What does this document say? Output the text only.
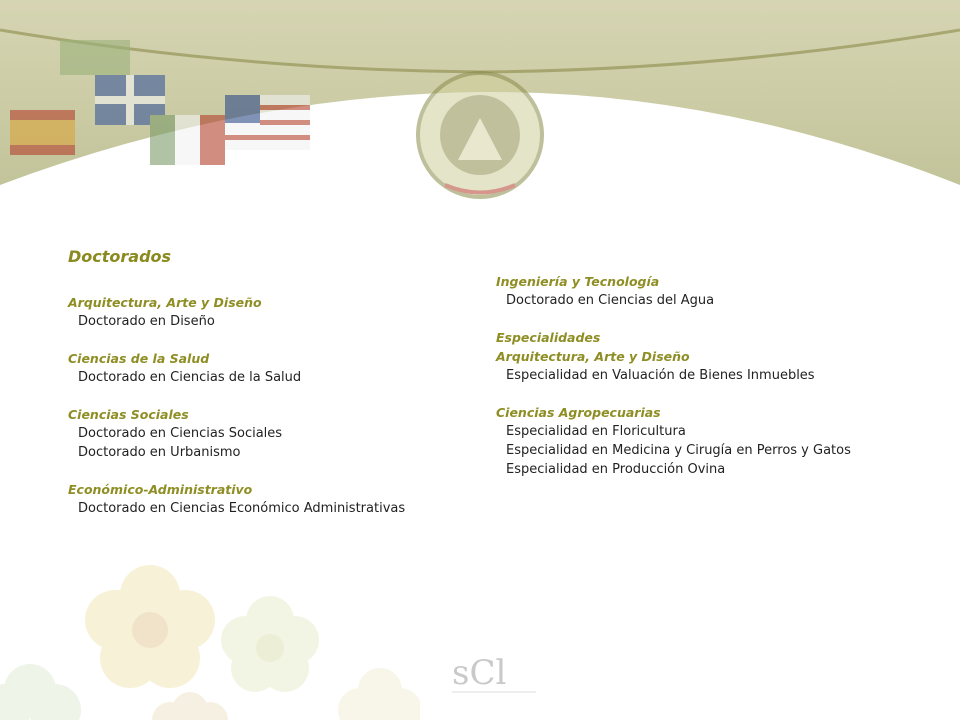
Doctorados
Arquitectura, Arte y Diseño
Doctorado en Diseño
Ciencias de la Salud
Doctorado en Ciencias de la Salud
Ciencias Sociales
Doctorado en Ciencias Sociales
Doctorado en Urbanismo
Económico-Administrativo
Doctorado en Ciencias Económico Administrativas
Ingeniería y Tecnología
Doctorado en Ciencias del Agua
Especialidades
Arquitectura, Arte y Diseño
Especialidad en Valuación de Bienes Inmuebles
Ciencias Agropecuarias
Especialidad en Floricultura
Especialidad en Medicina y Cirugía en Perros y Gatos
Especialidad en Producción Ovina
sCl
